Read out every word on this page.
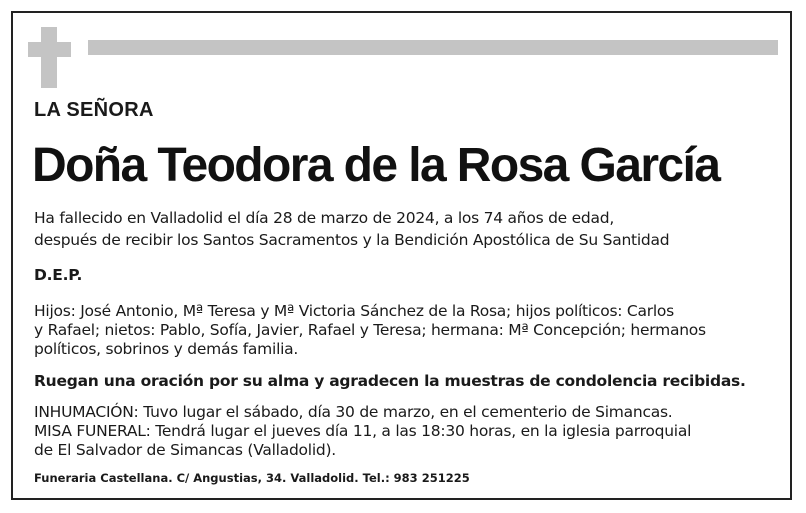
LA SEÑORA
Doña Teodora de la Rosa García
Ha fallecido en Valladolid el día 28 de marzo de 2024, a los 74 años de edad,
después de recibir los Santos Sacramentos y la Bendición Apostólica de Su Santidad
D.E.P.
Hijos: José Antonio, Mª Teresa y Mª Victoria Sánchez de la Rosa; hijos políticos: Carlos
y Rafael; nietos: Pablo, Sofía, Javier, Rafael y Teresa; hermana: Mª Concepción; hermanos
políticos, sobrinos y demás familia.
Ruegan una oración por su alma y agradecen la muestras de condolencia recibidas.
INHUMACIÓN: Tuvo lugar el sábado, día 30 de marzo, en el cementerio de Simancas.
MISA FUNERAL: Tendrá lugar el jueves día 11, a las 18:30 horas, en la iglesia parroquial
de El Salvador de Simancas (Valladolid).
Funeraria Castellana. C/ Angustias, 34. Valladolid. Tel.: 983 251225
